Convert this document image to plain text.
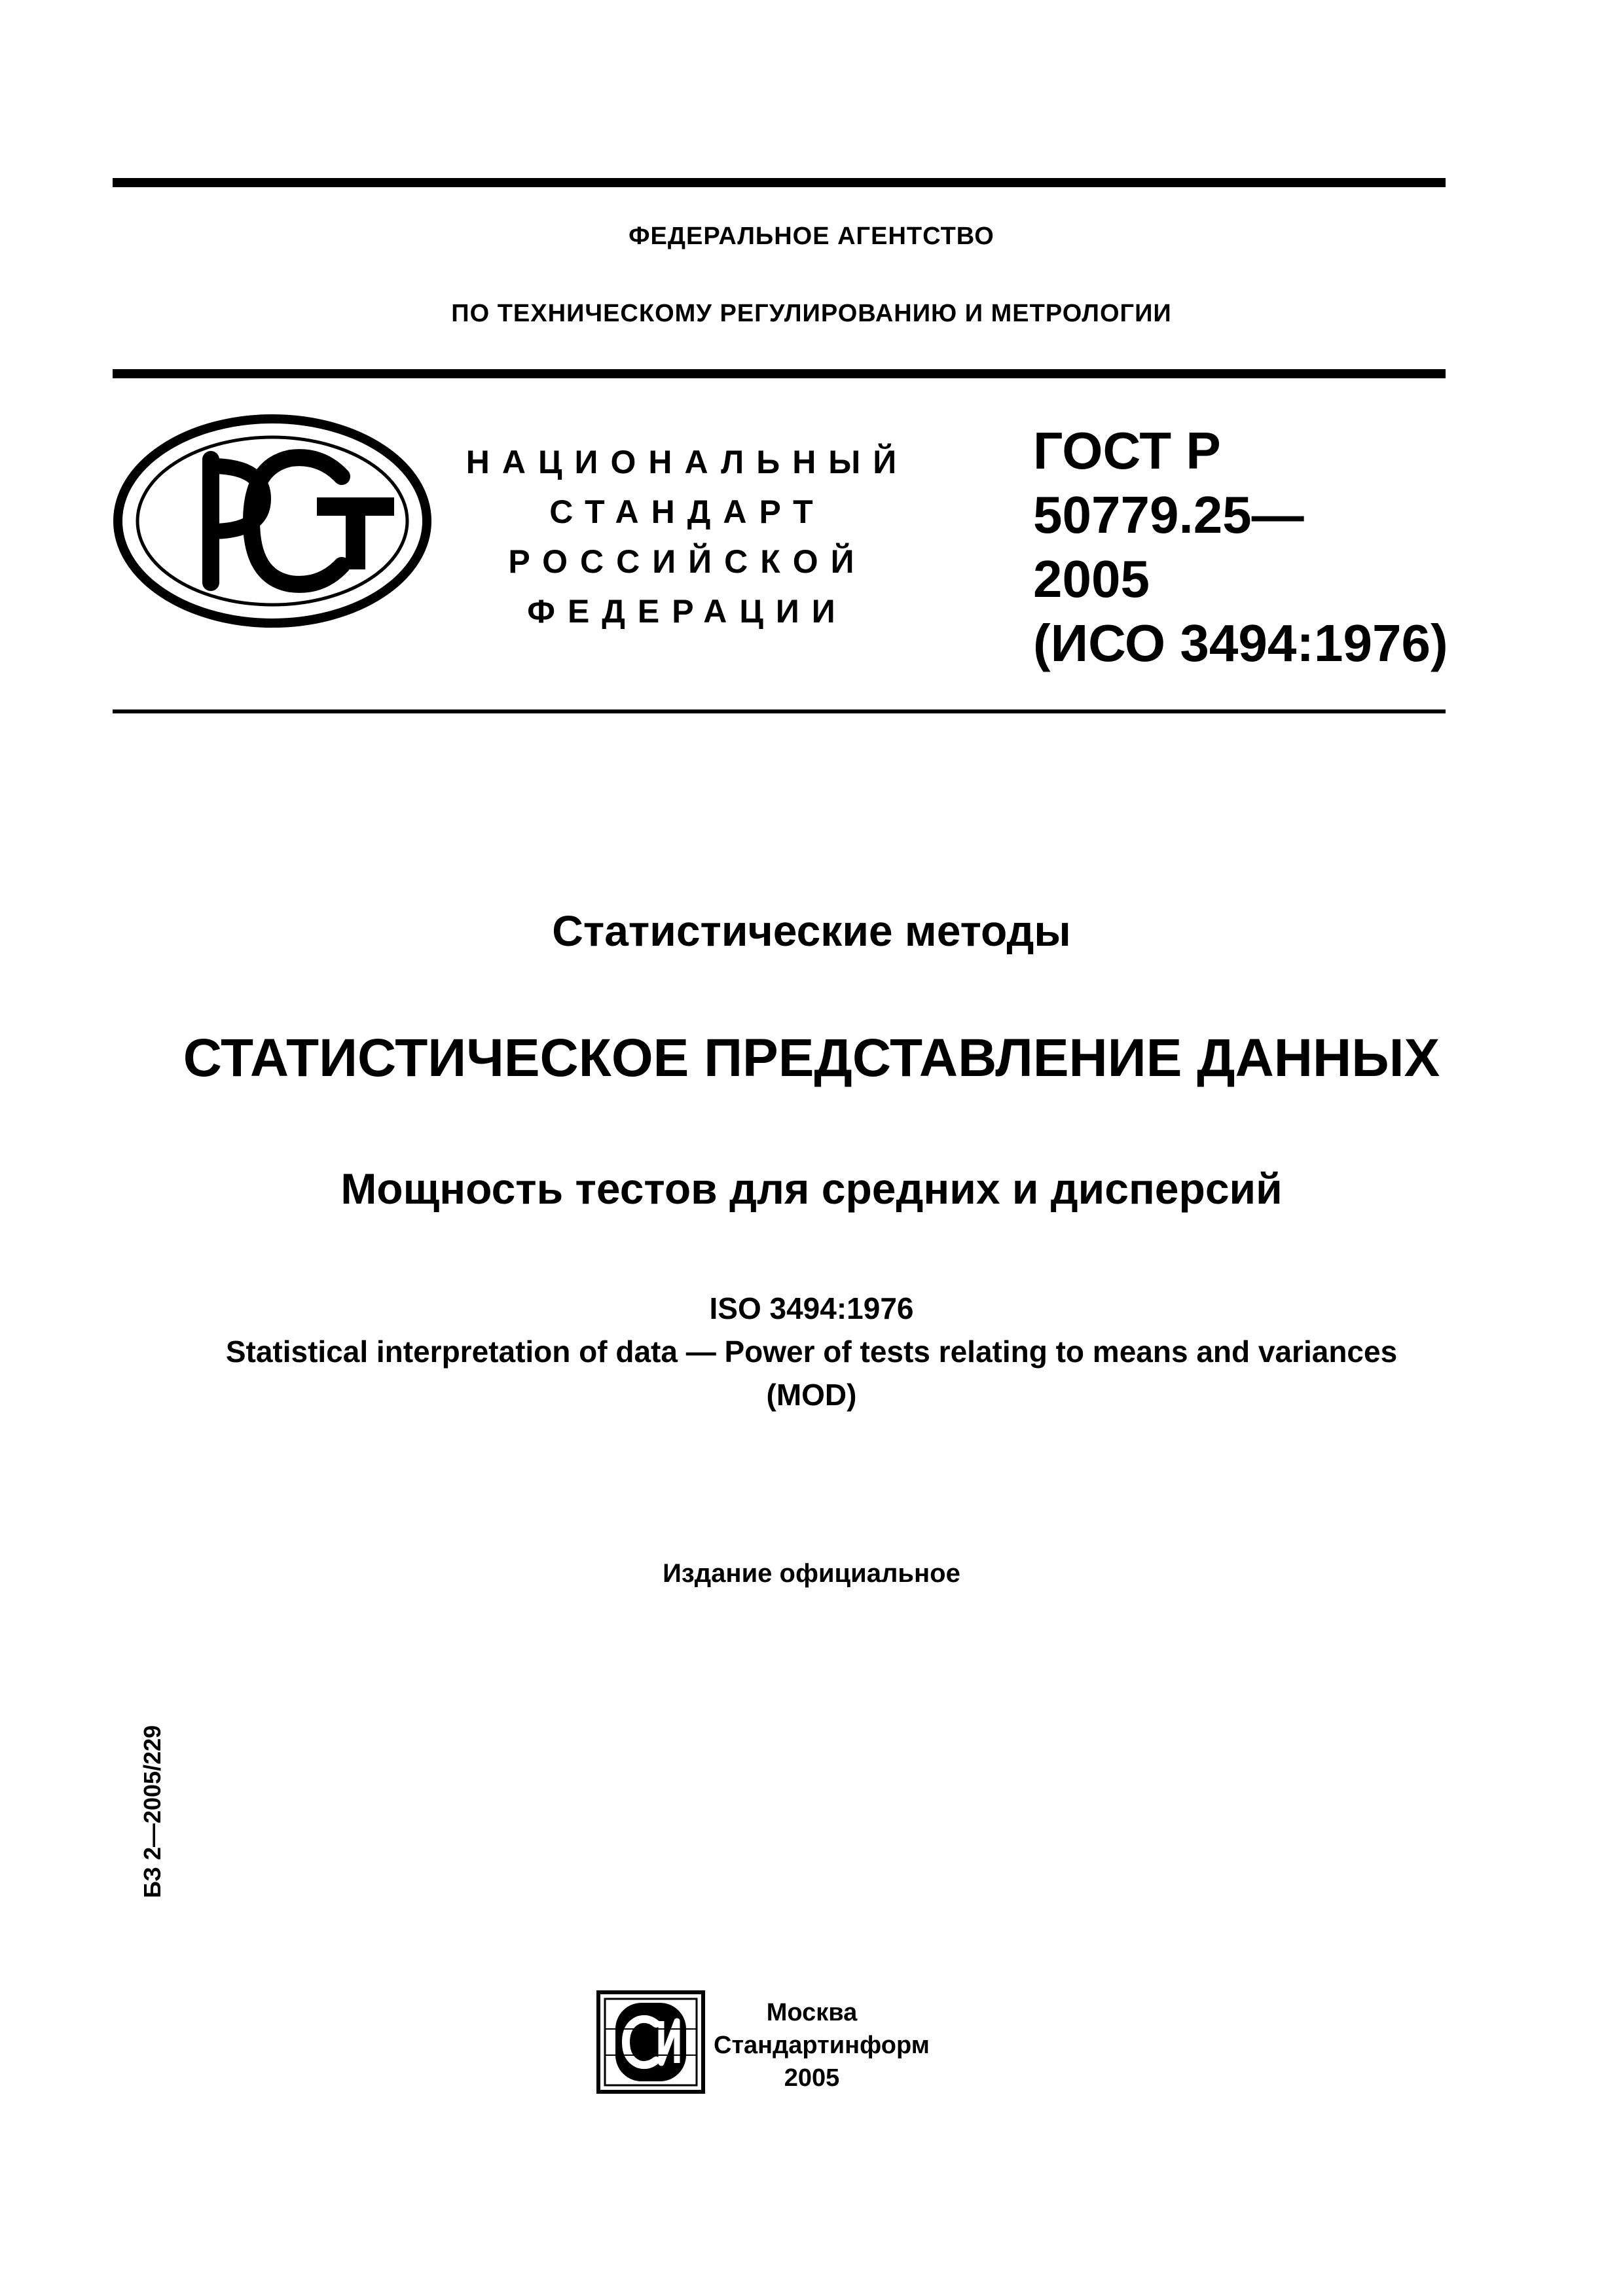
ФЕДЕРАЛЬНОЕ АГЕНТСТВО
ПО ТЕХНИЧЕСКОМУ РЕГУЛИРОВАНИЮ И МЕТРОЛОГИИ
НАЦИОНАЛЬНЫЙ
СТАНДАРТ
РОССИЙСКОЙ
ФЕДЕРАЦИИ
ГОСТ Р
50779.25—
2005
(ИСО 3494:1976)
Статистические методы
СТАТИСТИЧЕСКОЕ ПРЕДСТАВЛЕНИЕ ДАННЫХ
Мощность тестов для средних и дисперсий
ISO 3494:1976
Statistical interpretation of data — Power of tests relating to means and variances
(MOD)
Издание официальное
БЗ 2—2005/229
Москва
Стандартинформ
2005
